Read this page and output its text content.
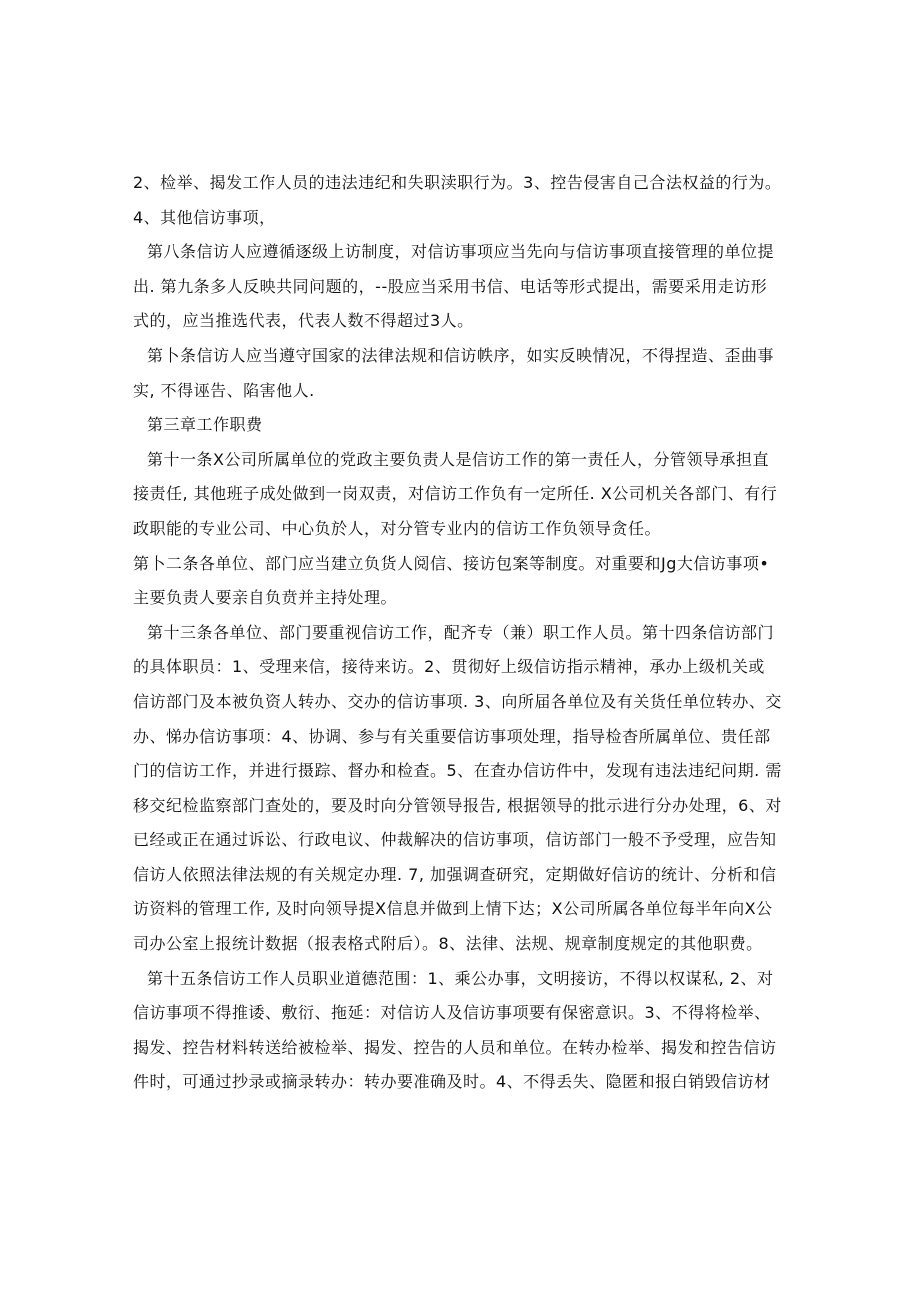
2、检举、揭发工作人员的违法违纪和失职渎职行为。3、控告侵害自己合法权益的行为。
4、其他信访事项，
第八条信访人应遵循逐级上访制度，对信访事项应当先向与信访事项直接管理的单位提
出. 第九条多人反映共同问题的，--股应当采用书信、电话等形式提出，需要采用走访形
式的，应当推选代表，代表人数不得超过3人。
第卜条信访人应当遵守国家的法律法规和信访帙序，如实反映情况，不得捏造、歪曲事
实, 不得诬告、陷害他人.
第三章工作职费
第十一条X公司所属单位的党政主要负责人是信访工作的第一责任人，分管领导承担直
接责任, 其他班子成处做到一岗双责，对信访工作负有一定所任. X公司机关各部门、有行
政职能的专业公司、中心负於人，对分管专业内的信访工作负领导贪任。
第卜二条各单位、部门应当建立负货人阅信、接访包案等制度。对重要和Jg大信访事项•
主要负责人要亲自负贲并主持处理。
第十三条各单位、部门要重视信访工作，配齐专（兼）职工作人员。第十四条信访部门
的具体职员：1、受理来信，接待来访。2、贯彻好上级信访指示精神，承办上级机关或
信访部门及本被负资人转办、交办的信访事项. 3、向所届各单位及有关货任单位转办、交
办、悌办信访事项：4、协调、参与有关重要信访事项处理，指导检杳所属单位、贵任部
门的信访工作，并进行摄踪、督办和检查。5、在査办信访件中，发现有违法违纪问期. 需
移交纪检监察部门查处的，要及时向分管领导报告, 根据领导的批示进行分办处理，6、对
已经或正在通过诉讼、行政电议、仲裁解决的信访事项，信访部门一般不予受理，应告知
信访人依照法律法规的有关规定办理. 7, 加强调查研究，定期做好信访的统计、分析和信
访资料的管理工作, 及时向领导提X信息并做到上情下达；X公司所属各单位每半年向X公
司办公室上报统计数据（报表格式附后）。8、法律、法规、规章制度规定的其他职费。
第十五条信访工作人员职业道德范围：1、乘公办事，文明接访，不得以权谋私, 2、对
信访事项不得推诿、敷衍、拖延：对信访人及信访事项要有保密意识。3、不得将检举、
揭发、控告材料转送给被检举、揭发、控告的人员和单位。在转办检举、揭发和控告信访
件时，可通过抄录或摘录转办：转办要准确及时。4、不得丢失、隐匿和报白销毁信访材
